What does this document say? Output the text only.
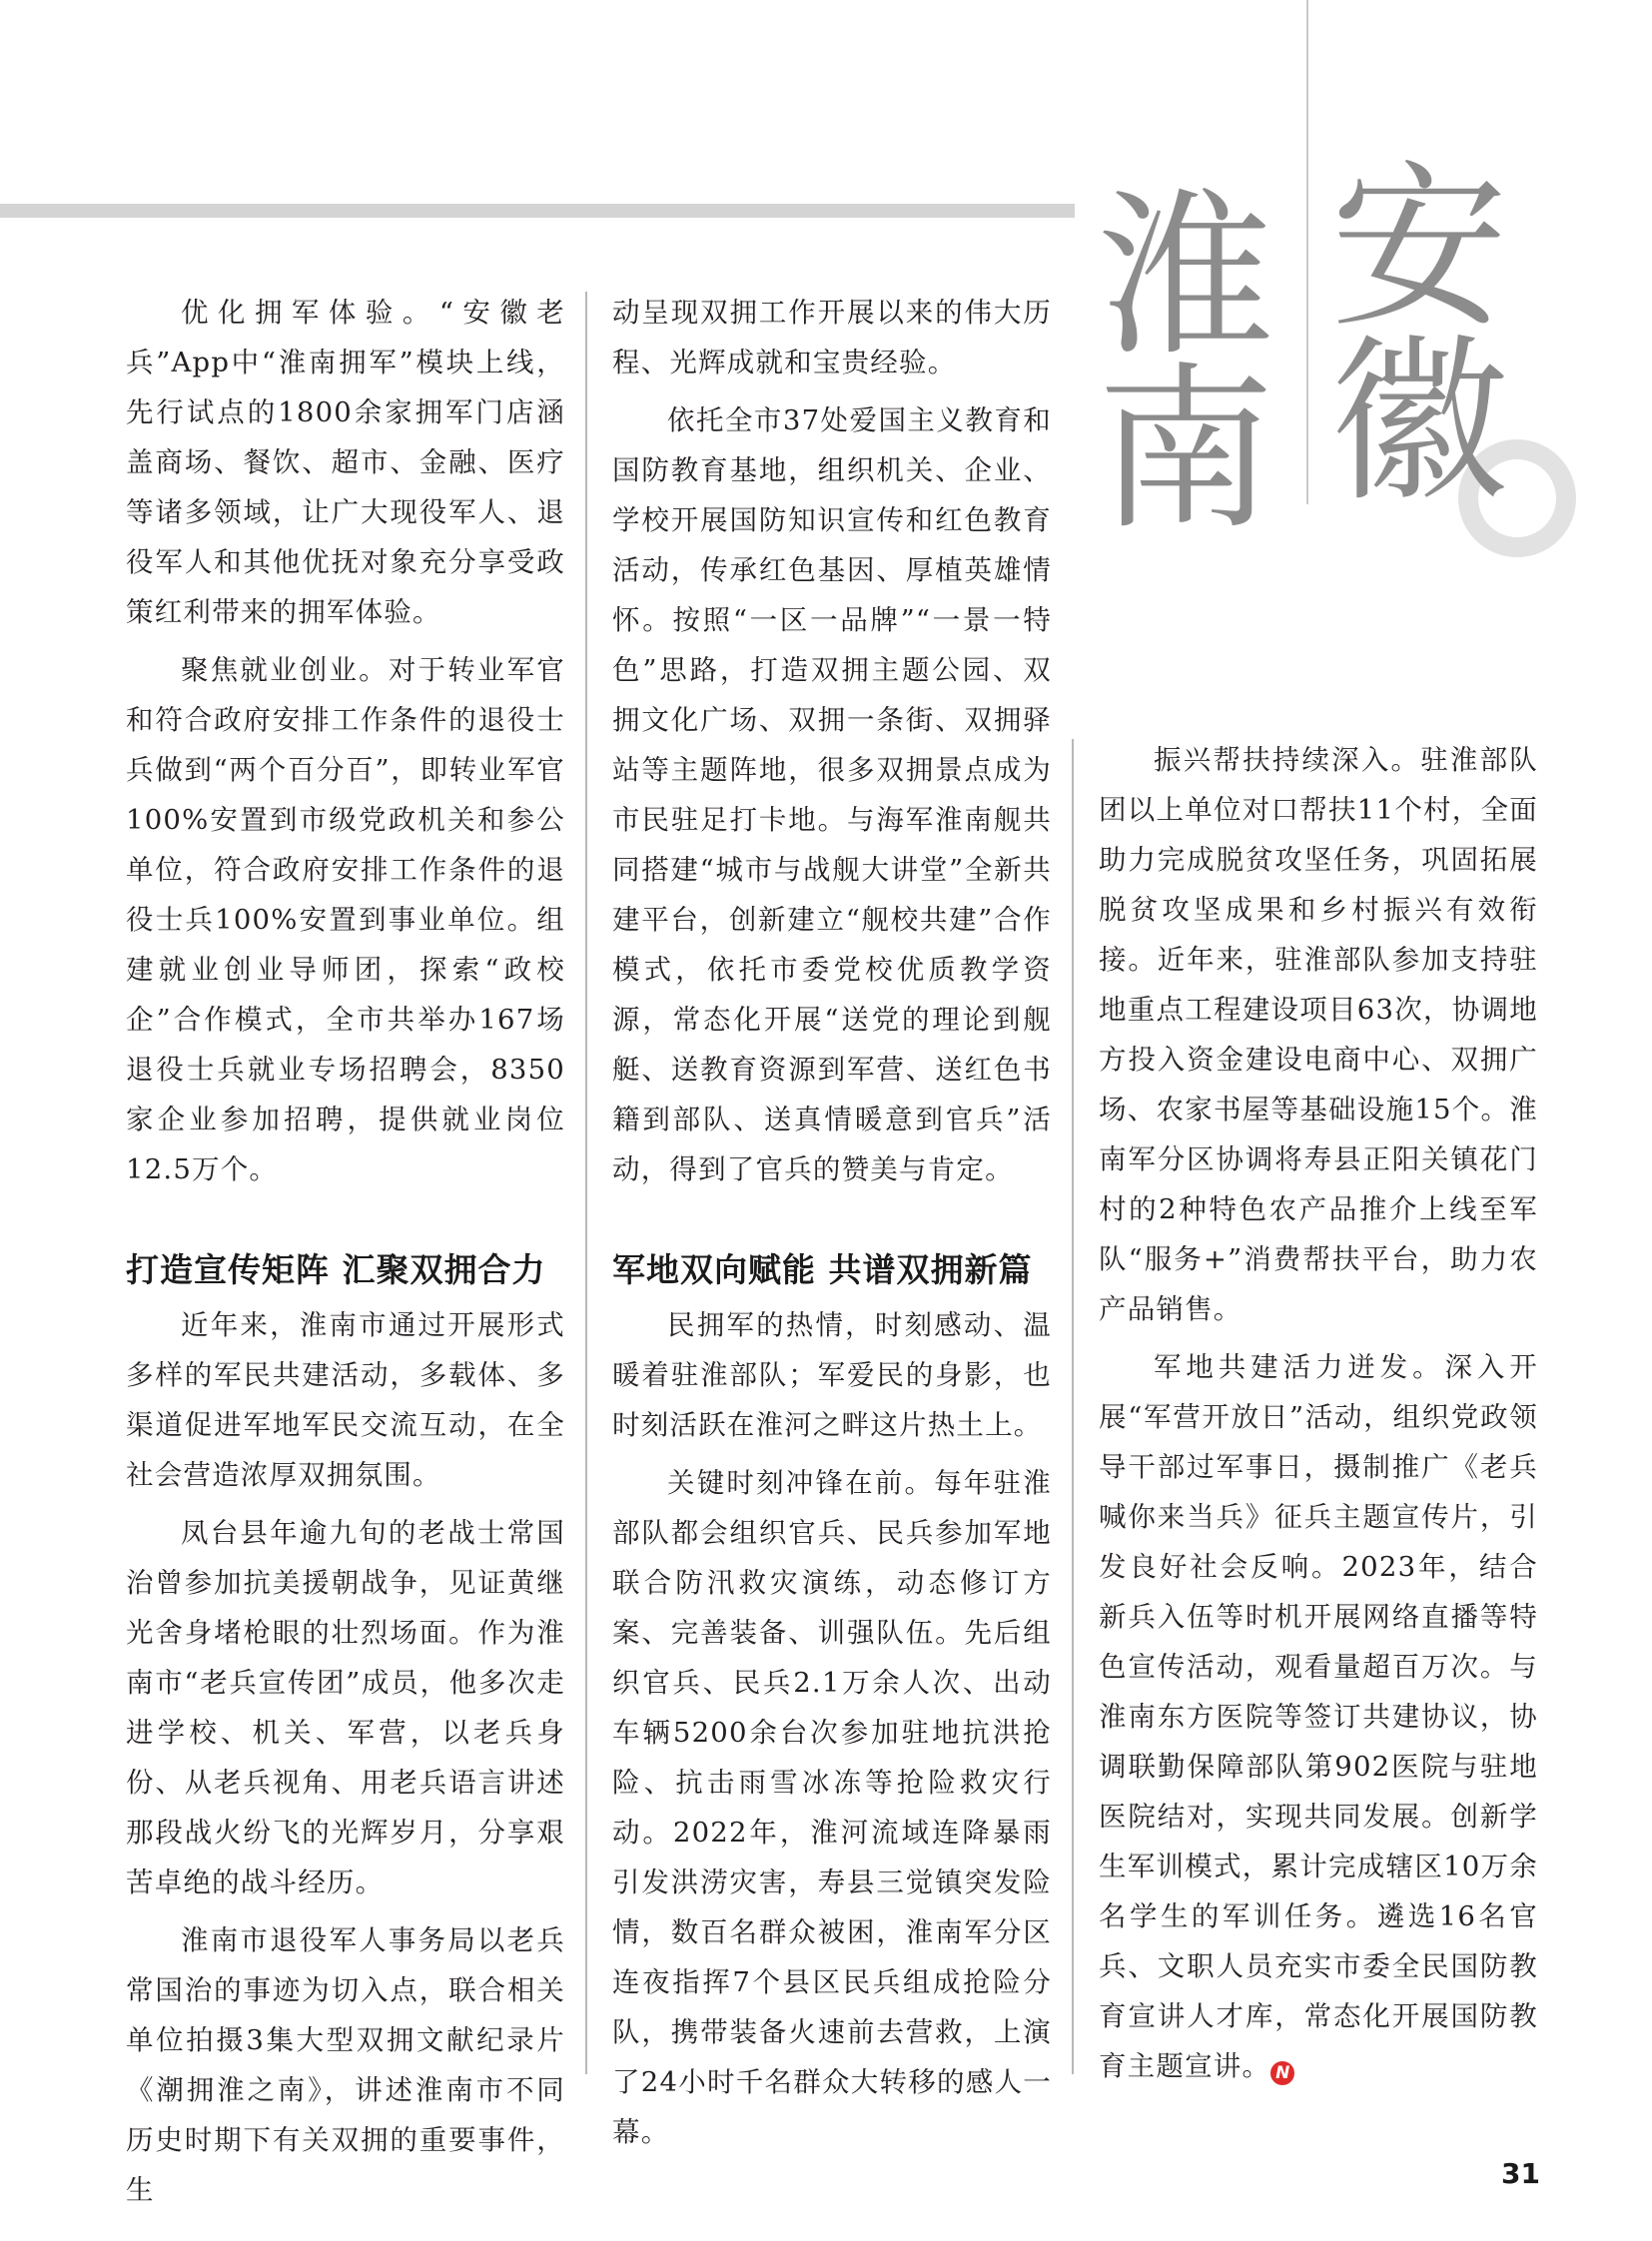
淮
南
安
徽

优化拥军体验。“安徽老兵”App中“淮南拥军”模块上线，先行试点的1800余家拥军门店涵盖商场、餐饮、超市、金融、医疗等诸多领域，让广大现役军人、退役军人和其他优抚对象充分享受政策红利带来的拥军体验。

聚焦就业创业。对于转业军官和符合政府安排工作条件的退役士兵做到“两个百分百”，即转业军官100%安置到市级党政机关和参公单位，符合政府安排工作条件的退役士兵100%安置到事业单位。组建就业创业导师团，探索“政校企”合作模式，全市共举办167场退役士兵就业专场招聘会，8350家企业参加招聘，提供就业岗位12.5万个。

打造宣传矩阵 汇聚双拥合力

近年来，淮南市通过开展形式多样的军民共建活动，多载体、多渠道促进军地军民交流互动，在全社会营造浓厚双拥氛围。

凤台县年逾九旬的老战士常国治曾参加抗美援朝战争，见证黄继光舍身堵枪眼的壮烈场面。作为淮南市“老兵宣传团”成员，他多次走进学校、机关、军营，以老兵身份、从老兵视角、用老兵语言讲述那段战火纷飞的光辉岁月，分享艰苦卓绝的战斗经历。

淮南市退役军人事务局以老兵常国治的事迹为切入点，联合相关单位拍摄3集大型双拥文献纪录片《潮拥淮之南》，讲述淮南市不同历史时期下有关双拥的重要事件，生

动呈现双拥工作开展以来的伟大历程、光辉成就和宝贵经验。

依托全市37处爱国主义教育和国防教育基地，组织机关、企业、学校开展国防知识宣传和红色教育活动，传承红色基因、厚植英雄情怀。按照“一区一品牌”“一景一特色”思路，打造双拥主题公园、双拥文化广场、双拥一条街、双拥驿站等主题阵地，很多双拥景点成为市民驻足打卡地。与海军淮南舰共同搭建“城市与战舰大讲堂”全新共建平台，创新建立“舰校共建”合作模式，依托市委党校优质教学资源，常态化开展“送党的理论到舰艇、送教育资源到军营、送红色书籍到部队、送真情暖意到官兵”活动，得到了官兵的赞美与肯定。

军地双向赋能 共谱双拥新篇

民拥军的热情，时刻感动、温暖着驻淮部队；军爱民的身影，也时刻活跃在淮河之畔这片热土上。

关键时刻冲锋在前。每年驻淮部队都会组织官兵、民兵参加军地联合防汛救灾演练，动态修订方案、完善装备、训强队伍。先后组织官兵、民兵2.1万余人次、出动车辆5200余台次参加驻地抗洪抢险、抗击雨雪冰冻等抢险救灾行动。2022年，淮河流域连降暴雨引发洪涝灾害，寿县三觉镇突发险情，数百名群众被困，淮南军分区连夜指挥7个县区民兵组成抢险分队，携带装备火速前去营救，上演了24小时千名群众大转移的感人一幕。

振兴帮扶持续深入。驻淮部队团以上单位对口帮扶11个村，全面助力完成脱贫攻坚任务，巩固拓展脱贫攻坚成果和乡村振兴有效衔接。近年来，驻淮部队参加支持驻地重点工程建设项目63次，协调地方投入资金建设电商中心、双拥广场、农家书屋等基础设施15个。淮南军分区协调将寿县正阳关镇花门村的2种特色农产品推介上线至军队“服务+”消费帮扶平台，助力农产品销售。

军地共建活力迸发。深入开展“军营开放日”活动，组织党政领导干部过军事日，摄制推广《老兵喊你来当兵》征兵主题宣传片，引发良好社会反响。2023年，结合新兵入伍等时机开展网络直播等特色宣传活动，观看量超百万次。与淮南东方医院等签订共建协议，协调联勤保障部队第902医院与驻地医院结对，实现共同发展。创新学生军训模式，累计完成辖区10万余名学生的军训任务。遴选16名官兵、文职人员充实市委全民国防教育宣讲人才库，常态化开展国防教育主题宣讲。 N

31
